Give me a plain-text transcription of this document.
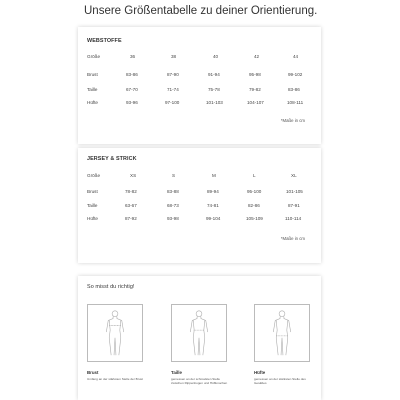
Unsere Größentabelle zu deiner Orientierung.
WEBSTOFFE
Größe	36	38	40	42	44
Brust	83-86	87-90	91-94	95-98	99-102
Taille	67-70	71-74	75-78	79-82	83-86
Hüfte	93-96	97-100	101-103	104-107	108-111
*Maße in cm
JERSEY & STRICK
Größe	XS	S	M	L	XL
Brust	78-82	83-88	89-94	95-100	101-105
Taille	63-67	68-73	74-81	82-86	87-91
Hüfte	87-92	93-98	99-104	105-109	110-114
*Maße in cm
So misst du richtig!
Brust
Umfang an der stärksten Stelle der Brust
Taille
gemessen an der schmalsten Stelle zwischen Rippenbogen und Hüftknochen
Hüfte
gemessen an der stärksten Stelle des Gesäßes
